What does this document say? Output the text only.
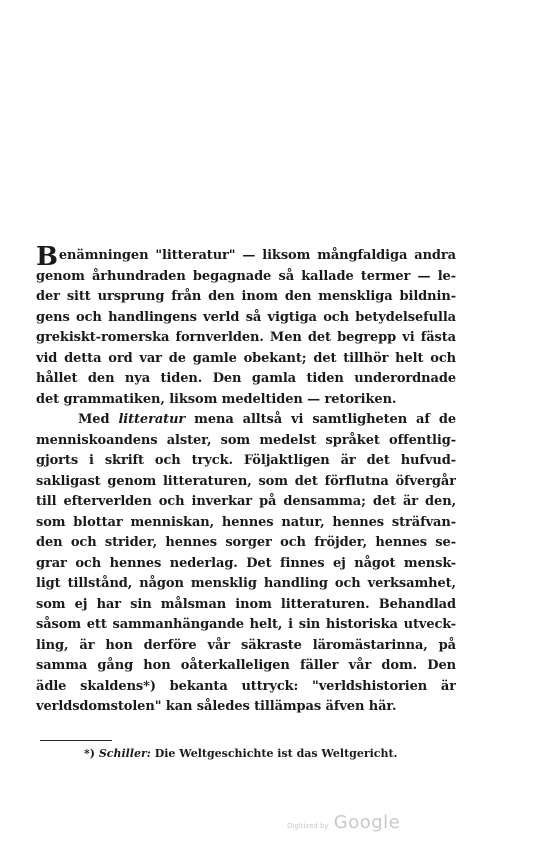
Benämningen "litteratur" — liksom mångfaldiga andra
genom århundraden begagnade så kallade termer — le-
der sitt ursprung från den inom den menskliga bildnin-
gens och handlingens verld så vigtiga och betydelsefulla
grekiskt-romerska fornverlden. Men det begrepp vi fästa
vid detta ord var de gamle obekant; det tillhör helt och
hållet den nya tiden. Den gamla tiden underordnade
det grammatiken, liksom medeltiden — retoriken.
Med litteratur mena alltså vi samtligheten af de
menniskoandens alster, som medelst språket offentlig-
gjorts i skrift och tryck. Följaktligen är det hufvud-
sakligast genom litteraturen, som det förflutna öfvergår
till efterverlden och inverkar på densamma; det är den,
som blottar menniskan, hennes natur, hennes sträfvan-
den och strider, hennes sorger och fröjder, hennes se-
grar och hennes nederlag. Det finnes ej något mensk-
ligt tillstånd, någon mensklig handling och verksamhet,
som ej har sin målsman inom litteraturen. Behandlad
såsom ett sammanhängande helt, i sin historiska utveck-
ling, är hon derföre vår säkraste läromästarinna, på
samma gång hon oåterkalleligen fäller vår dom. Den
ädle skaldens*) bekanta uttryck: "verldshistorien är
verldsdomstolen" kan således tillämpas äfven här.
*) Schiller: Die Weltgeschichte ist das Weltgericht.
Digitized by Google
